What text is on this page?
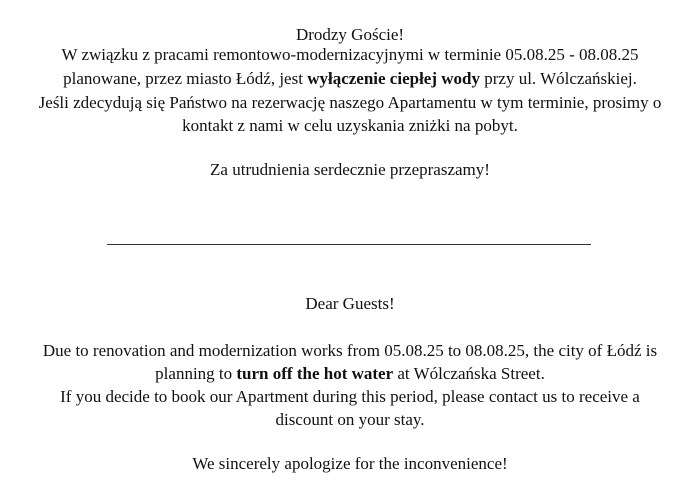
Drodzy Goście!
W związku z pracami remontowo-modernizacyjnymi w terminie 05.08.25 - 08.08.25
planowane, przez miasto Łódź, jest wyłączenie ciepłej wody przy ul. Wólczańskiej.
Jeśli zdecydują się Państwo na rezerwację naszego Apartamentu w tym terminie, prosimy o
kontakt z nami w celu uzyskania zniżki na pobyt.
Za utrudnienia serdecznie przepraszamy!
Dear Guests!
Due to renovation and modernization works from 05.08.25 to 08.08.25, the city of Łódź is
planning to turn off the hot water at Wólczańska Street.
If you decide to book our Apartment during this period, please contact us to receive a
discount on your stay.
We sincerely apologize for the inconvenience!
